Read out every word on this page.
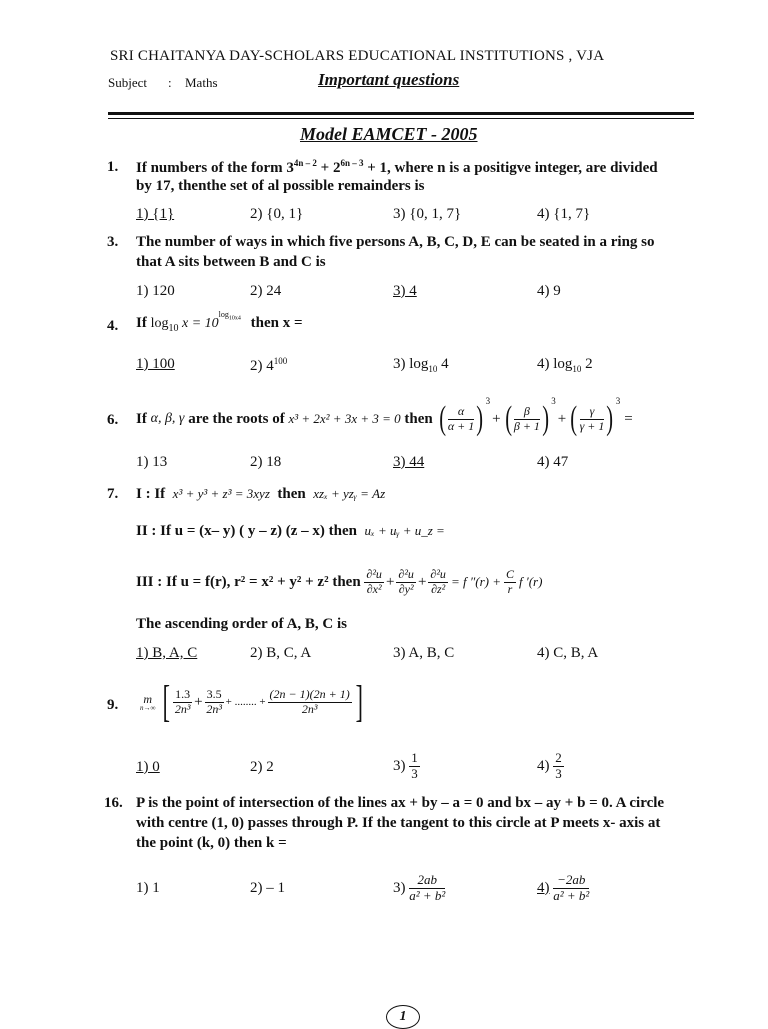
SRI CHAITANYA DAY-SCHOLARS EDUCATIONAL INSTITUTIONS , VJA
Subject : Maths	Important questions
Model EAMCET - 2005
1. If numbers of the form $3^{4n - 2} + 2^{6n - 3} + 1$, where n is a positigve integer, are divided
by 17, thenthe set of al possible remainders is
1) {1}	2) {0, 1}	3) {0, 1, 7}	4) {1, 7}
3. The number of ways in which five persons A, B, C, D, E can be seated in a ring so
that A sits between B and C is
1) 120	2) 24	3) 4	4) 9
4. If $\log_{10} x = 10^{log_{10x4}}$ then x =
1) 100	2) $4^{100}$	3) $\log_{10} 4$	4) $\log_{10} 2$
6. If
α, β, γ
are the roots of
x³ + 2x² + 3x + 3 = 0
then
( $\frac{\alpha}{\alpha + 1}$ ) $^3$
+ ( $\frac{\beta}{\beta + 1}$ ) $^3$
+ ( $\frac{\gamma}{\gamma + 1}$ ) $^3$
=
1) 13	2) 18	3) 44	4) 47
7. I : If x³ + y³ + z³ = 3xyz then xzₓ + yzᵧ = Az
II : If u = (x– y) ( y – z) (z – x) then uₓ + uᵧ + u_z =
III : If u = f(r), r² = x² + y² + z² then
$\frac{\text{∂²u}}{\text{∂x²}} + \frac{\text{∂²u}}{\text{∂y²}} + \frac{\text{∂²u}}{\text{∂z²}} = f$ $''(r) + \frac{C}{r}$ f ′(r)
The ascending order of A, B, C is
1) B, A, C	2) B, C, A	3) A, B, C	4) C, B, A
9. m
n→∞ [ $\frac{1.3}{\text{2n³}} + \frac{3.5}{\text{2n³}}$ + ........ + $\frac{(2n - 1)(2n + 1)}{\text{2n³}}$ ]
1) 0	2) 2	3)
$\frac{1}{3}$	4)
$\frac{2}{3}$
16. P is the point of intersection of the lines ax + by – a = 0 and bx – ay + b = 0. A circle
with centre (1, 0) passes through P. If the tangent to this circle at P meets x- axis at
the point (k, 0) then k =
1) 1	2) – 1	3)
$\frac{2ab}{\text{a² + b²}}$	4)
$\frac{-2ab}{\text{a² + b²}}$
1
